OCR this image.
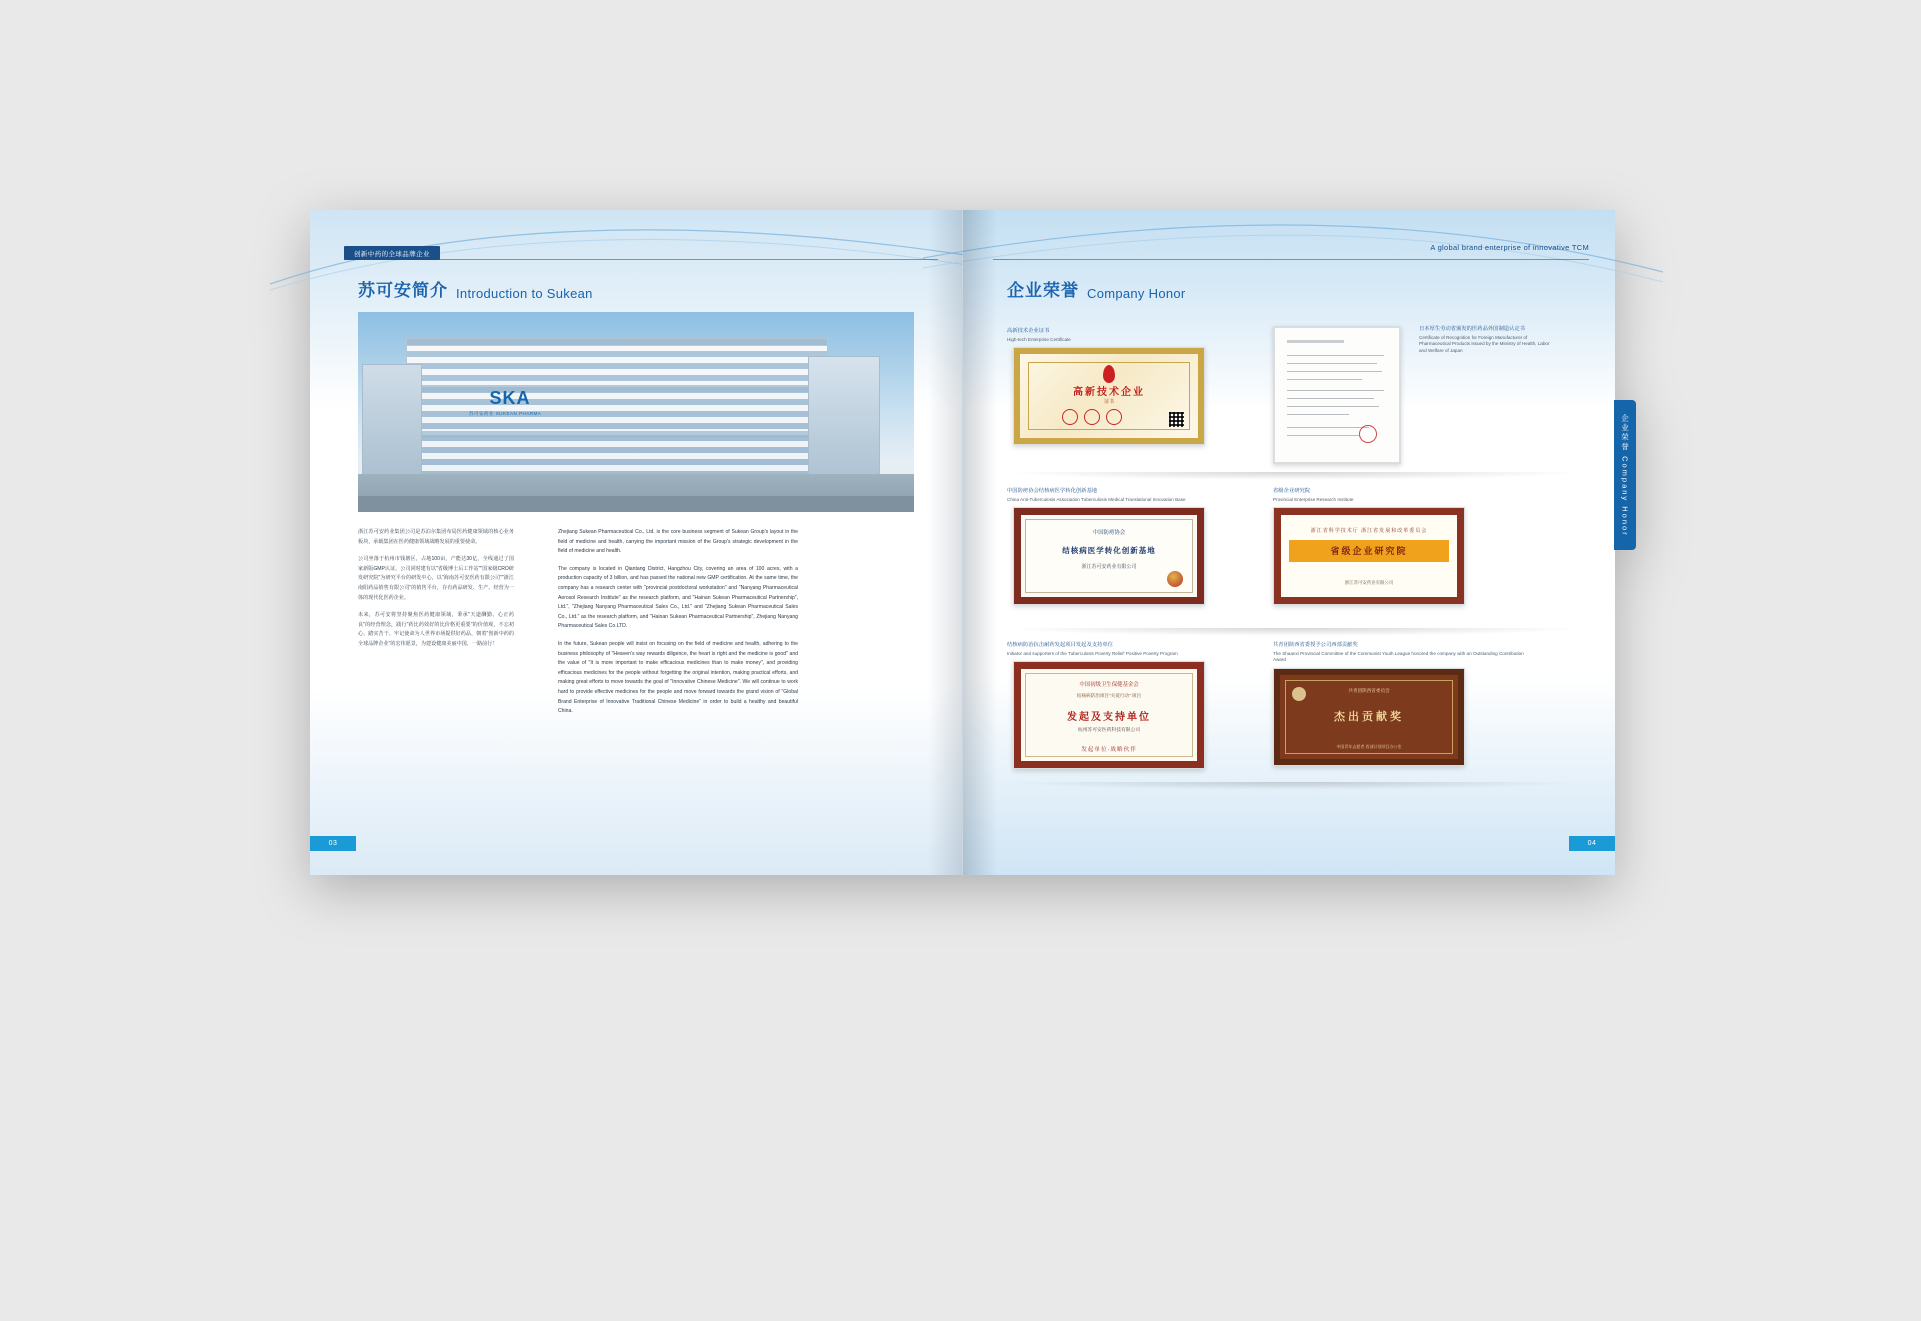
创新中药的全球品牌企业
苏可安简介 Introduction to Sukean
SKA
苏可安药业 SUKEAN PHARMA

浙江苏可安药业集团公司是苏泊尔集团布局医药健康领域的核心业务板块，承载集团在医药健康领域战略发展的重要使命。

公司坐落于杭州市钱塘区，占地100亩，产能达30亿，全线通过了国家新版GMP认证。公司同时建有以"省级博士后工作站""国家级CRO研发研究院"为研究平台的研发中心，以"海南苏可安医药有限公司""浙江南阳药品销售有限公司"的销售平台，存有药品研发、生产、经营为一体的现代化医药企业。

未来，苏可安将坚持聚焦医药健康领域，秉承"天道酬勤、心正药良"的经营理念，践行"药比药效好的比价格更重要"的价值观，不忘初心、踏实苦干、牢记使命为人世界市场提供好药品，朝着"创新中药的全球品牌企业"的宏伟愿景，为建设健康美丽中国，一路前行！

Zhejiang Sukean Pharmaceutical Co., Ltd. is the core business segment of Sukean Group's layout in the field of medicine and health, carrying the important mission of the Group's strategic development in the field of medicine and health.

The company is located in Qiantang District, Hangzhou City, covering an area of 100 acres, with a production capacity of 3 billion, and has passed the national new GMP certification. At the same time, the company has a research center with "provincial postdoctoral workstation" and "Nanyang Pharmaceutical Aerosol Research Institute" as the research platform, and "Hainan Sukean Pharmaceutical Partnership", Ltd.", "Zhejiang Nanyang Pharmaceutical Sales Co., Ltd." and "Zhejiang Sukean Pharmaceutical Sales Co., Ltd." as the research platform, and "Hainan Sukean Pharmaceutical Partnership", Zhejiang Nanyang Pharmaceutical Sales Co.LTD.

In the future, Sukean people will insist on focusing on the field of medicine and health, adhering to the business philosophy of "Heaven's way rewards diligence, the heart is right and the medicine is good" and the value of "It is more important to make efficacious medicines than to make money", and providing efficacious medicines for the people without forgetting the original intention, making practical efforts, and making great efforts to move towards the goal of "Innovative Chinese Medicine". We will continue to work hard to provide effective medicines for the people and move forward towards the grand vision of "Global Brand Enterprise of Innovative Traditional Chinese Medicine" in order to build a healthy and beautiful China.

03
A global brand enterprise of innovative TCM
企业荣誉 Company Honor
高新技术企业证书
High-tech Enterprise Certificate
高新技术企业
证书
日本厚生劳动省颁发的医药品外国制造认定书
Certificate of Recognition for Foreign Manufacturer of Pharmaceutical Products issued by the Ministry of Health, Labor and Welfare of Japan
中国防痨协会结核病医学转化创新基地
China Anti-Tuberculosis Association Tuberculosis Medical Translational Innovation Base
中国防痨协会
结核病医学转化创新基地
浙江苏可安药业有限公司
省级企业研究院
Provincial Enterprise Research Institute
浙江省科学技术厅 浙江省发展和改革委员会
省级企业研究院
浙江苏可安药业有限公司
结核病防治抗击耐药发起项目发起及支持单位
Initiator and supporters of the Tuberculosis Poverty Relief' Positive Poverty Program
中国初级卫生保健基金会
结核病防治项目"关爱行动" 项目
发起及支持单位
杭州苏可安医药科技有限公司
发起单位·战略伙伴
共青团陕西省委授予公司西部贡献奖
The Shaanxi Provincial Committee of the Communist Youth League honored the company with an Outstanding Contribution Award
共青团陕西省委员会
杰出贡献奖
中国青年志愿者 西部计划项目办公室
04
企业荣誉 Company Honor
